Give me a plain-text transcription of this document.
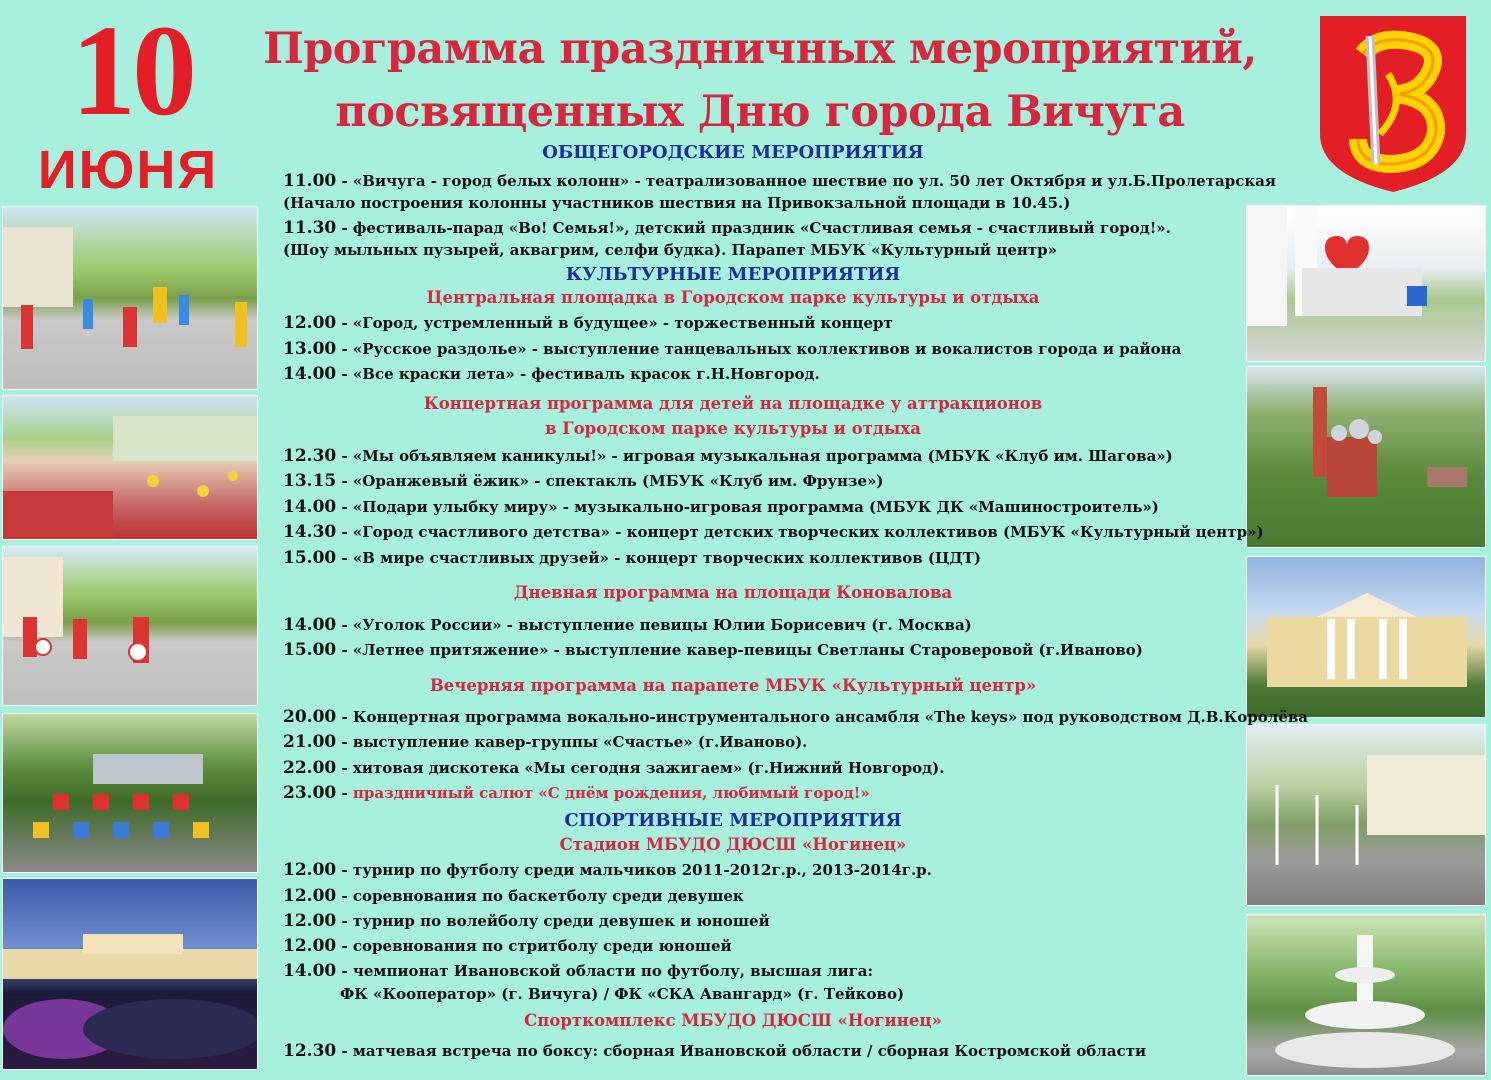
10
ИЮНЯ
Программа праздничных мероприятий,
посвященных Дню города Вичуга
ОБЩЕГОРОДСКИЕ МЕРОПРИЯТИЯ
11.00 - «Вичуга - город белых колонн» - театрализованное шествие по ул. 50 лет Октября и ул.Б.Пролетарская
(Начало построения колонны участников шествия на Привокзальной площади в 10.45.)
11.30 - фестиваль-парад «Во! Семья!», детский праздник «Счастливая семья - счастливый город!».
(Шоу мыльных пузырей, аквагрим, селфи будка). Парапет МБУК «Культурный центр»
КУЛЬТУРНЫЕ МЕРОПРИЯТИЯ
Центральная площадка в Городском парке культуры и отдыха
12.00 - «Город, устремленный в будущее» - торжественный концерт
13.00 - «Русское раздолье» - выступление танцевальных коллективов и вокалистов города и района
14.00 - «Все краски лета» - фестиваль красок г.Н.Новгород.
Концертная программа для детей на площадке у аттракционов
в Городском парке культуры и отдыха
12.30 - «Мы объявляем каникулы!» - игровая музыкальная программа (МБУК «Клуб им. Шагова»)
13.15 - «Оранжевый ёжик» - спектакль (МБУК «Клуб им. Фрунзе»)
14.00 - «Подари улыбку миру» - музыкально-игровая программа (МБУК ДК «Машиностроитель»)
14.30 - «Город счастливого детства» - концерт детских творческих коллективов (МБУК «Культурный центр»)
15.00 - «В мире счастливых друзей» - концерт творческих коллективов (ЦДТ)
Дневная программа на площади Коновалова
14.00 - «Уголок России» - выступление певицы Юлии Борисевич (г. Москва)
15.00 - «Летнее притяжение» - выступление кавер-певицы Светланы Староверовой (г.Иваново)
Вечерняя программа на парапете МБУК «Культурный центр»
20.00 - Концертная программа вокально-инструментального ансамбля «The keys» под руководством Д.В.Королёва
21.00 - выступление кавер-группы «Счастье» (г.Иваново).
22.00 - хитовая дискотека «Мы сегодня зажигаем» (г.Нижний Новгород).
23.00 - праздничный салют «С днём рождения, любимый город!»
СПОРТИВНЫЕ МЕРОПРИЯТИЯ
Стадион МБУДО ДЮСШ «Ногинец»
12.00 - турнир по футболу среди мальчиков 2011-2012г.р., 2013-2014г.р.
12.00 - соревнования по баскетболу среди девушек
12.00 - турнир по волейболу среди девушек и юношей
12.00 - соревнования по стритболу среди юношей
14.00 - чемпионат Ивановской области по футболу, высшая лига:
ФК «Кооператор» (г. Вичуга) / ФК «СКА Авангард» (г. Тейково)
Спорткомплекс МБУДО ДЮСШ «Ногинец»
12.30 - матчевая встреча по боксу: сборная Ивановской области / сборная Костромской области
